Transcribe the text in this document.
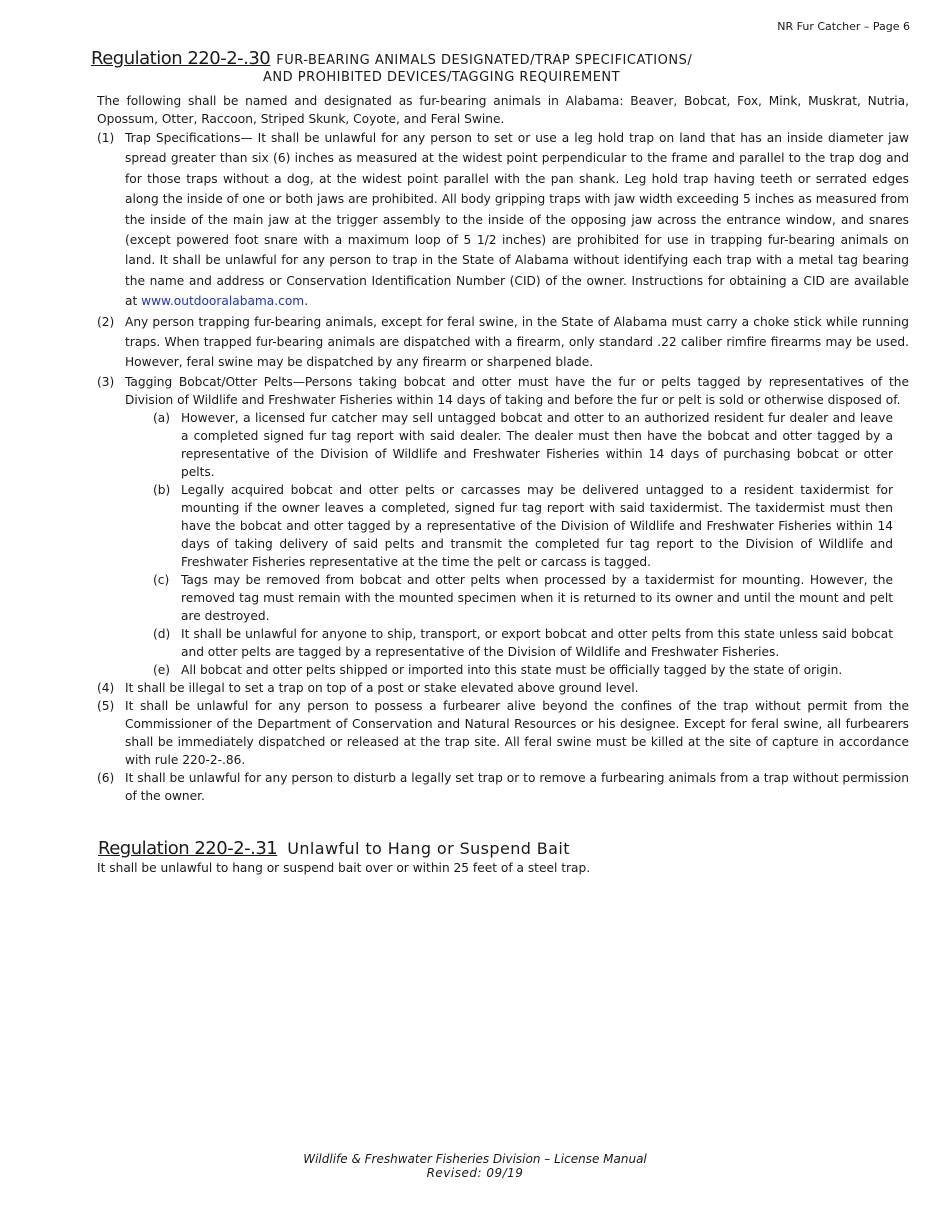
NR Fur Catcher – Page 6
Regulation 220-2-.30 FUR-BEARING ANIMALS DESIGNATED/TRAP SPECIFICATIONS/
AND PROHIBITED DEVICES/TAGGING REQUIREMENT

The following shall be named and designated as fur-bearing animals in Alabama: Beaver, Bobcat, Fox, Mink, Muskrat, Nutria, Opossum, Otter, Raccoon, Striped Skunk, Coyote, and Feral Swine.

(1) Trap Specifications— It shall be unlawful for any person to set or use a leg hold trap on land that has an inside diameter jaw spread greater than six (6) inches as measured at the widest point perpendicular to the frame and parallel to the trap dog and for those traps without a dog, at the widest point parallel with the pan shank. Leg hold trap having teeth or serrated edges along the inside of one or both jaws are prohibited. All body gripping traps with jaw width exceeding 5 inches as measured from the inside of the main jaw at the trigger assembly to the inside of the opposing jaw across the entrance window, and snares (except powered foot snare with a maximum loop of 5 1/2 inches) are prohibited for use in trapping fur-bearing animals on land. It shall be unlawful for any person to trap in the State of Alabama without identifying each trap with a metal tag bearing the name and address or Conservation Identification Number (CID) of the owner. Instructions for obtaining a CID are available at www.outdooralabama.com.
(2) Any person trapping fur-bearing animals, except for feral swine, in the State of Alabama must carry a choke stick while running traps. When trapped fur-bearing animals are dispatched with a firearm, only standard .22 caliber rimfire firearms may be used. However, feral swine may be dispatched by any firearm or sharpened blade.
(3) Tagging Bobcat/Otter Pelts—Persons taking bobcat and otter must have the fur or pelts tagged by representatives of the Division of Wildlife and Freshwater Fisheries within 14 days of taking and before the fur or pelt is sold or otherwise disposed of.
(a) However, a licensed fur catcher may sell untagged bobcat and otter to an authorized resident fur dealer and leave a completed signed fur tag report with said dealer. The dealer must then have the bobcat and otter tagged by a representative of the Division of Wildlife and Freshwater Fisheries within 14 days of purchasing bobcat or otter pelts.
(b) Legally acquired bobcat and otter pelts or carcasses may be delivered untagged to a resident taxidermist for mounting if the owner leaves a completed, signed fur tag report with said taxidermist. The taxidermist must then have the bobcat and otter tagged by a representative of the Division of Wildlife and Freshwater Fisheries within 14 days of taking delivery of said pelts and transmit the completed fur tag report to the Division of Wildlife and Freshwater Fisheries representative at the time the pelt or carcass is tagged.
(c) Tags may be removed from bobcat and otter pelts when processed by a taxidermist for mounting. However, the removed tag must remain with the mounted specimen when it is returned to its owner and until the mount and pelt are destroyed.
(d) It shall be unlawful for anyone to ship, transport, or export bobcat and otter pelts from this state unless said bobcat and otter pelts are tagged by a representative of the Division of Wildlife and Freshwater Fisheries.
(e) All bobcat and otter pelts shipped or imported into this state must be officially tagged by the state of origin.
(4) It shall be illegal to set a trap on top of a post or stake elevated above ground level.
(5) It shall be unlawful for any person to possess a furbearer alive beyond the confines of the trap without permit from the Commissioner of the Department of Conservation and Natural Resources or his designee. Except for feral swine, all furbearers shall be immediately dispatched or released at the trap site. All feral swine must be killed at the site of capture in accordance with rule 220-2-.86.
(6) It shall be unlawful for any person to disturb a legally set trap or to remove a furbearing animals from a trap without permission of the owner.
Regulation 220-2-.31 Unlawful to Hang or Suspend Bait
It shall be unlawful to hang or suspend bait over or within 25 feet of a steel trap.
Wildlife & Freshwater Fisheries Division – License Manual
Revised: 09/19
